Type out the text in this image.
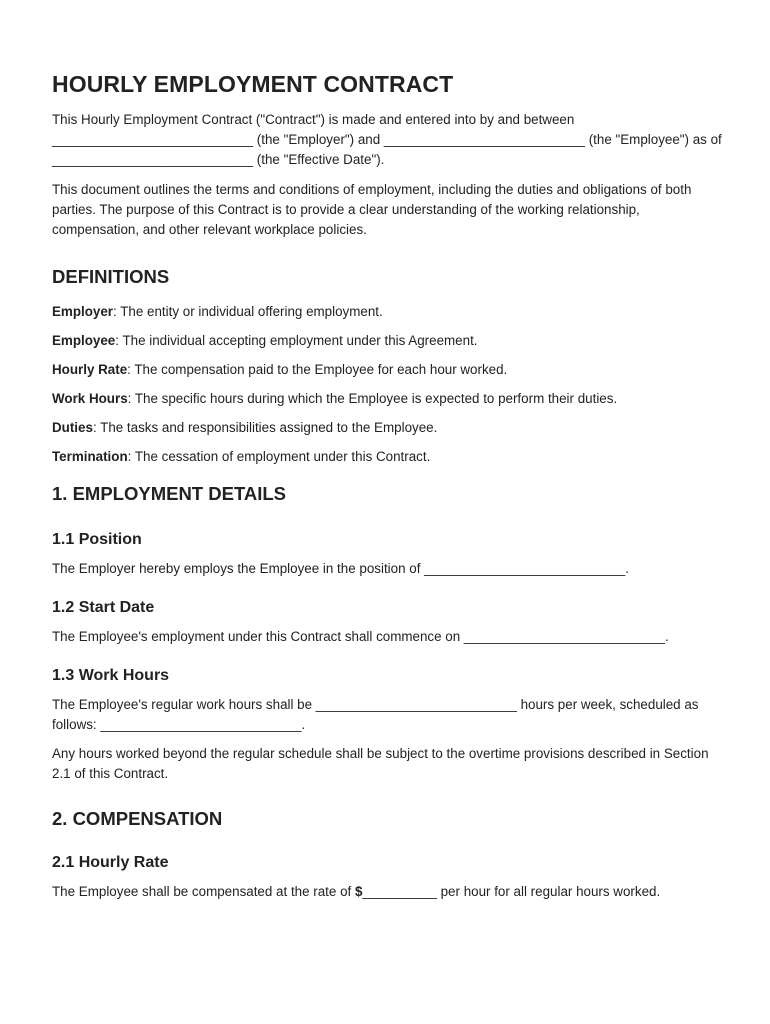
HOURLY EMPLOYMENT CONTRACT

This Hourly Employment Contract ("Contract") is made and entered into by and between ___________________________ (the "Employer") and ___________________________ (the "Employee") as of ___________________________ (the "Effective Date").

This document outlines the terms and conditions of employment, including the duties and obligations of both parties. The purpose of this Contract is to provide a clear understanding of the working relationship, compensation, and other relevant workplace policies.

DEFINITIONS

Employer: The entity or individual offering employment.

Employee: The individual accepting employment under this Agreement.

Hourly Rate: The compensation paid to the Employee for each hour worked.

Work Hours: The specific hours during which the Employee is expected to perform their duties.

Duties: The tasks and responsibilities assigned to the Employee.

Termination: The cessation of employment under this Contract.

1. EMPLOYMENT DETAILS
1.1 Position

The Employer hereby employs the Employee in the position of ___________________________.

1.2 Start Date

The Employee's employment under this Contract shall commence on ___________________________.

1.3 Work Hours

The Employee's regular work hours shall be ___________________________ hours per week, scheduled as follows: ___________________________.

Any hours worked beyond the regular schedule shall be subject to the overtime provisions described in Section 2.1 of this Contract.

2. COMPENSATION
2.1 Hourly Rate

The Employee shall be compensated at the rate of $__________ per hour for all regular hours worked.
